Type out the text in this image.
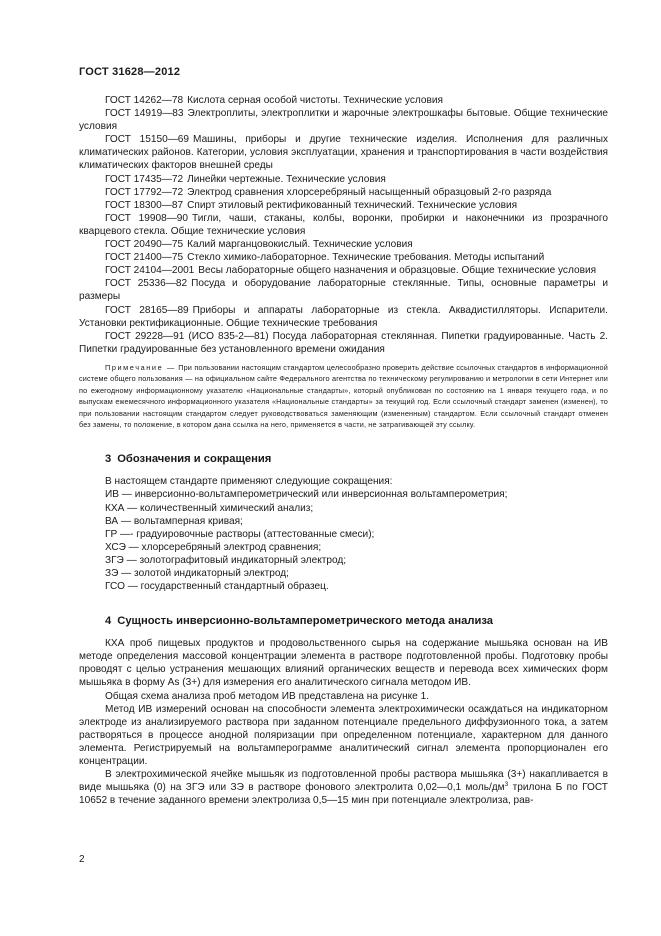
ГОСТ 31628—2012

ГОСТ 14262—78 Кислота серная особой чистоты. Технические условия

ГОСТ 14919—83 Электроплиты, электроплитки и жарочные электрошкафы бытовые. Общие технические условия

ГОСТ 15150—69 Машины, приборы и другие технические изделия. Исполнения для различных климатических районов. Категории, условия эксплуатации, хранения и транспортирования в части воздействия климатических факторов внешней среды

ГОСТ 17435—72 Линейки чертежные. Технические условия

ГОСТ 17792—72 Электрод сравнения хлорсеребряный насыщенный образцовый 2-го разряда

ГОСТ 18300—87 Спирт этиловый ректификованный технический. Технические условия

ГОСТ 19908—90 Тигли, чаши, стаканы, колбы, воронки, пробирки и наконечники из прозрачного кварцевого стекла. Общие технические условия

ГОСТ 20490—75 Калий марганцовокислый. Технические условия

ГОСТ 21400—75 Стекло химико-лабораторное. Технические требования. Методы испытаний

ГОСТ 24104—2001 Весы лабораторные общего назначения и образцовые. Общие технические условия

ГОСТ 25336—82 Посуда и оборудование лабораторные стеклянные. Типы, основные параметры и размеры

ГОСТ 28165—89 Приборы и аппараты лабораторные из стекла. Аквадистилляторы. Испарители. Установки ректификационные. Общие технические требования

ГОСТ 29228—91 (ИСО 835-2—81) Посуда лабораторная стеклянная. Пипетки градуированные. Часть 2. Пипетки градуированные без установленного времени ожидания

Примечание — При пользовании настоящим стандартом целесообразно проверить действие ссылочных стандартов в информационной системе общего пользования — на официальном сайте Федерального агентства по техническому регулированию и метрологии в сети Интернет или по ежегодному информационному указателю «Национальные стандарты», который опубликован по состоянию на 1 января текущего года, и по выпускам ежемесячного информационного указателя «Национальные стандарты» за текущий год. Если ссылочный стандарт заменен (изменен), то при пользовании настоящим стандартом следует руководствоваться заменяющим (измененным) стандартом. Если ссылочный стандарт отменен без замены, то положение, в котором дана ссылка на него, применяется в части, не затрагивающей эту ссылку.

3 Обозначения и сокращения

В настоящем стандарте применяют следующие сокращения:

ИВ — инверсионно-вольтамперометрический или инверсионная вольтамперометрия;

КХА — количественный химический анализ;

ВА — вольтамперная кривая;

ГР —- градуировочные растворы (аттестованные смеси);

ХСЭ — хлорсеребряный электрод сравнения;

ЗГЭ — золотографитовый индикаторный электрод;

ЗЭ — золотой индикаторный электрод;

ГСО — государственный стандартный образец.

4 Сущность инверсионно-вольтамперометрического метода анализа

КХА проб пищевых продуктов и продовольственного сырья на содержание мышьяка основан на ИВ методе определения массовой концентрации элемента в растворе подготовленной пробы. Подготовку пробы проводят с целью устранения мешающих влияний органических веществ и перевода всех химических форм мышьяка в форму As (3+) для измерения его аналитического сигнала методом ИВ.

Общая схема анализа проб методом ИВ представлена на рисунке 1.

Метод ИВ измерений основан на способности элемента электрохимически осаждаться на индикаторном электроде из анализируемого раствора при заданном потенциале предельного диффузионного тока, а затем растворяться в процессе анодной поляризации при определенном потенциале, характерном для данного элемента. Регистрируемый на вольтамперограмме аналитический сигнал элемента пропорционален его концентрации.

В электрохимической ячейке мышьяк из подготовленной пробы раствора мышьяка (3+) накапливается в виде мышьяка (0) на ЗГЭ или ЗЭ в растворе фонового электролита 0,02—0,1 моль/$дм^3$ трилона Б по ГОСТ 10652 в течение заданного времени электролиза 0,5—15 мин при потенциале электролиза, рав-

2
